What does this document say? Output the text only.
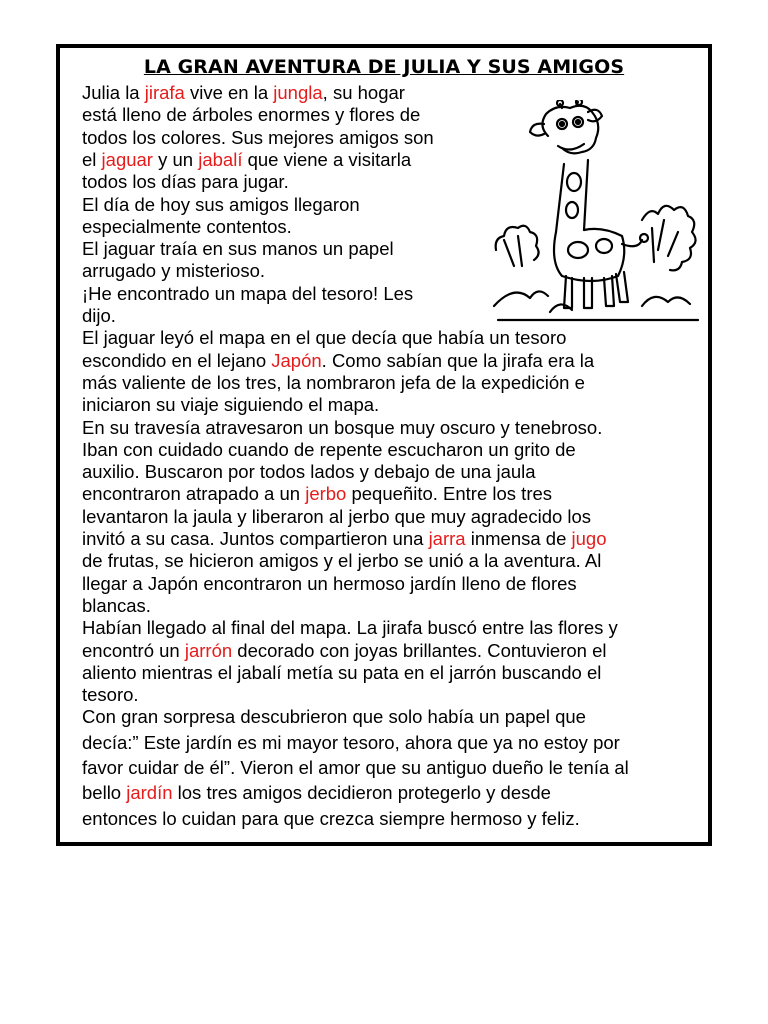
LA GRAN AVENTURA DE JULIA Y SUS AMIGOS
Julia la jirafa vive en la jungla, su hogar
está lleno de árboles enormes y flores de
todos los colores. Sus mejores amigos son
el jaguar y un jabalí que viene a visitarla
todos los días para jugar.
El día de hoy sus amigos llegaron
especialmente contentos.
El jaguar traía en sus manos un papel
arrugado y misterioso.
¡He encontrado un mapa del tesoro! Les
dijo.
El jaguar leyó el mapa en el que decía que había un tesoro
escondido en el lejano Japón. Como sabían que la jirafa era la
más valiente de los tres, la nombraron jefa de la expedición e
iniciaron su viaje siguiendo el mapa.
En su travesía atravesaron un bosque muy oscuro y tenebroso.
Iban con cuidado cuando de repente escucharon un grito de
auxilio. Buscaron por todos lados y debajo de una jaula
encontraron atrapado a un jerbo pequeñito. Entre los tres
levantaron la jaula y liberaron al jerbo que muy agradecido los
invitó a su casa. Juntos compartieron una jarra inmensa de jugo
de frutas, se hicieron amigos y el jerbo se unió a la aventura. Al
llegar a Japón encontraron un hermoso jardín lleno de flores
blancas.
Habían llegado al final del mapa. La jirafa buscó entre las flores y
encontró un jarrón decorado con joyas brillantes. Contuvieron el
aliento mientras el jabalí metía su pata en el jarrón buscando el
tesoro.
Con gran sorpresa descubrieron que solo había un papel que
decía:” Este jardín es mi mayor tesoro, ahora que ya no estoy por
favor cuidar de él”. Vieron el amor que su antiguo dueño le tenía al
bello jardín los tres amigos decidieron protegerlo y desde
entonces lo cuidan para que crezca siempre hermoso y feliz.
